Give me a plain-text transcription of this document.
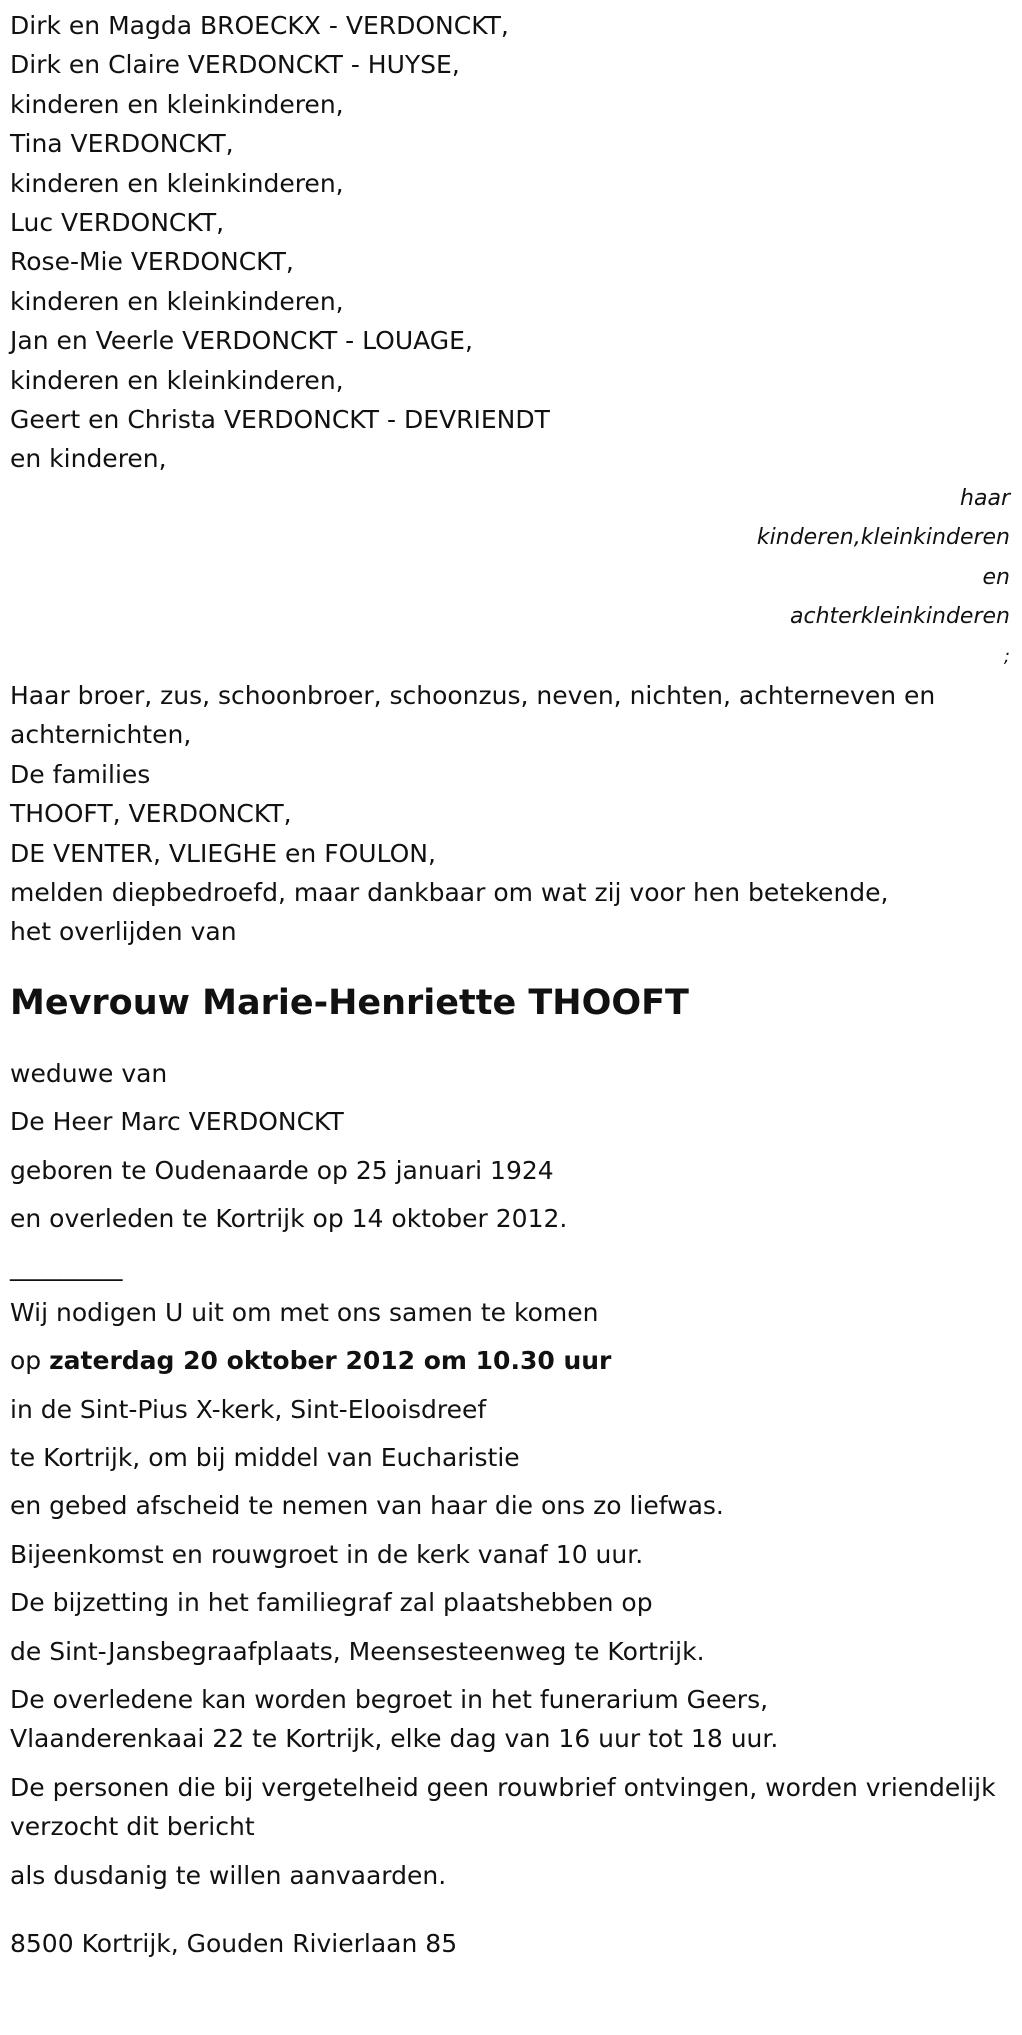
Dirk en Magda BROECKX - VERDONCKT,
Dirk en Claire VERDONCKT - HUYSE,
kinderen en kleinkinderen,
Tina VERDONCKT,
kinderen en kleinkinderen,
Luc VERDONCKT,
Rose-Mie VERDONCKT,
kinderen en kleinkinderen,
Jan en Veerle VERDONCKT - LOUAGE,
kinderen en kleinkinderen,
Geert en Christa VERDONCKT - DEVRIENDT
en kinderen,
haar
kinderen,kleinkinderen
en
achterkleinkinderen
;
Haar broer, zus, schoonbroer, schoonzus, neven, nichten, achterneven en achternichten,
De families
THOOFT, VERDONCKT,
DE VENTER, VLIEGHE en FOULON,
melden diepbedroefd, maar dankbaar om wat zij voor hen betekende,
het overlijden van
Mevrouw Marie-Henriette THOOFT
weduwe van
De Heer Marc VERDONCKT
geboren te Oudenaarde op 25 januari 1924
en overleden te Kortrijk op 14 oktober 2012.
_________
Wij nodigen U uit om met ons samen te komen
op zaterdag 20 oktober 2012 om 10.30 uur
in de Sint-Pius X-kerk, Sint-Elooisdreef
te Kortrijk, om bij middel van Eucharistie
en gebed afscheid te nemen van haar die ons zo liefwas.
Bijeenkomst en rouwgroet in de kerk vanaf 10 uur.
De bijzetting in het familiegraf zal plaatshebben op
de Sint-Jansbegraafplaats, Meensesteenweg te Kortrijk.
De overledene kan worden begroet in het funerarium Geers,
Vlaanderenkaai 22 te Kortrijk, elke dag van 16 uur tot 18 uur.
De personen die bij vergetelheid geen rouwbrief ontvingen, worden vriendelijk verzocht dit bericht
als dusdanig te willen aanvaarden.
8500 Kortrijk, Gouden Rivierlaan 85
